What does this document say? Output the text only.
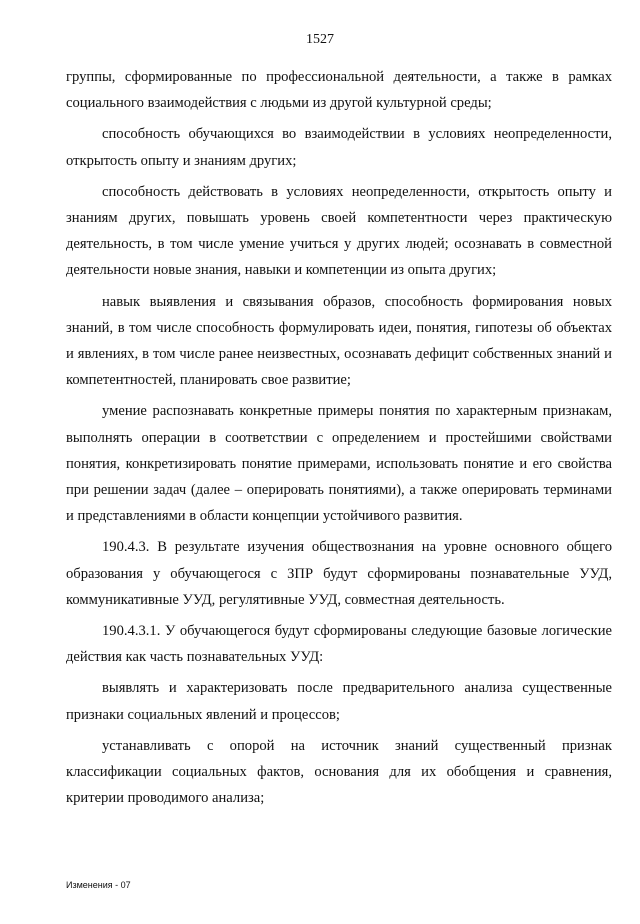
1527

группы, сформированные по профессиональной деятельности, а также в рамках социального взаимодействия с людьми из другой культурной среды;

способность обучающихся во взаимодействии в условиях неопределенности, открытость опыту и знаниям других;

способность действовать в условиях неопределенности, открытость опыту и знаниям других, повышать уровень своей компетентности через практическую деятельность, в том числе умение учиться у других людей; осознавать в совместной деятельности новые знания, навыки и компетенции из опыта других;

навык выявления и связывания образов, способность формирования новых знаний, в том числе способность формулировать идеи, понятия, гипотезы об объектах и явлениях, в том числе ранее неизвестных, осознавать дефицит собственных знаний и компетентностей, планировать свое развитие;

умение распознавать конкретные примеры понятия по характерным признакам, выполнять операции в соответствии с определением и простейшими свойствами понятия, конкретизировать понятие примерами, использовать понятие и его свойства при решении задач (далее – оперировать понятиями), а также оперировать терминами и представлениями в области концепции устойчивого развития.

190.4.3. В результате изучения обществознания на уровне основного общего образования у обучающегося с ЗПР будут сформированы познавательные УУД, коммуникативные УУД, регулятивные УУД, совместная деятельность.

190.4.3.1. У обучающегося будут сформированы следующие базовые логические действия как часть познавательных УУД:

выявлять и характеризовать после предварительного анализа существенные признаки социальных явлений и процессов;

устанавливать с опорой на источник знаний существенный признак классификации социальных фактов, основания для их обобщения и сравнения, критерии проводимого анализа;

Изменения - 07
